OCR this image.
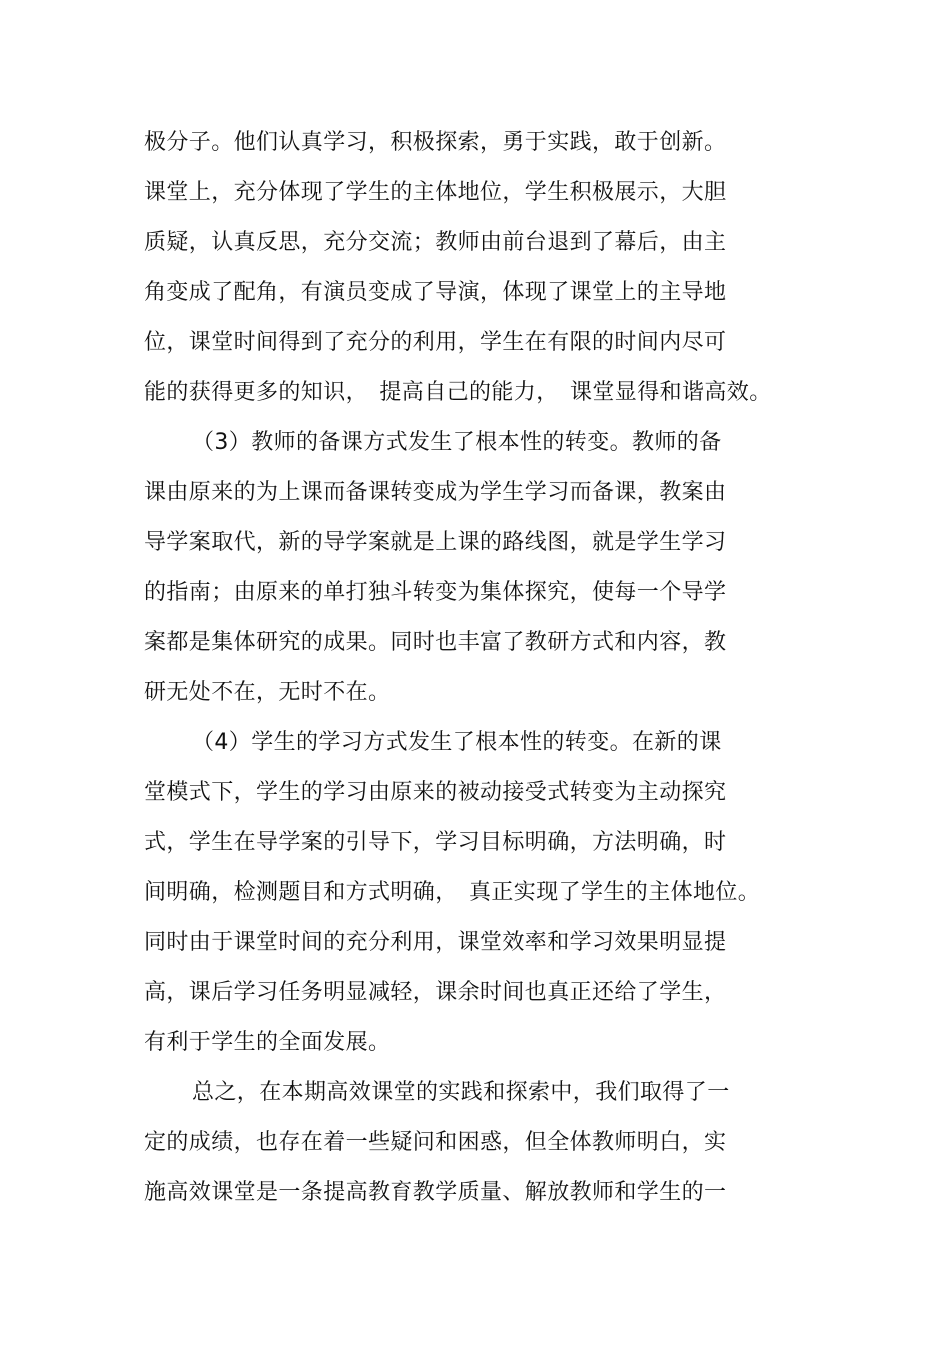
极分子。他们认真学习，积极探索，勇于实践，敢于创新。
课堂上，充分体现了学生的主体地位，学生积极展示，大胆
质疑，认真反思，充分交流；教师由前台退到了幕后，由主
角变成了配角，有演员变成了导演，体现了课堂上的主导地
位，课堂时间得到了充分的利用，学生在有限的时间内尽可
能的获得更多的知识，　提高自己的能力，　课堂显得和谐高效。
（3）教师的备课方式发生了根本性的转变。教师的备
课由原来的为上课而备课转变成为学生学习而备课，教案由
导学案取代，新的导学案就是上课的路线图，就是学生学习
的指南；由原来的单打独斗转变为集体探究，使每一个导学
案都是集体研究的成果。同时也丰富了教研方式和内容，教
研无处不在，无时不在。
（4）学生的学习方式发生了根本性的转变。在新的课
堂模式下，学生的学习由原来的被动接受式转变为主动探究
式，学生在导学案的引导下，学习目标明确，方法明确，时
间明确，检测题目和方式明确，　真正实现了学生的主体地位。
同时由于课堂时间的充分利用，课堂效率和学习效果明显提
高，课后学习任务明显减轻，课余时间也真正还给了学生，
有利于学生的全面发展。
总之，在本期高效课堂的实践和探索中，我们取得了一
定的成绩，也存在着一些疑问和困惑，但全体教师明白，实
施高效课堂是一条提高教育教学质量、解放教师和学生的一
